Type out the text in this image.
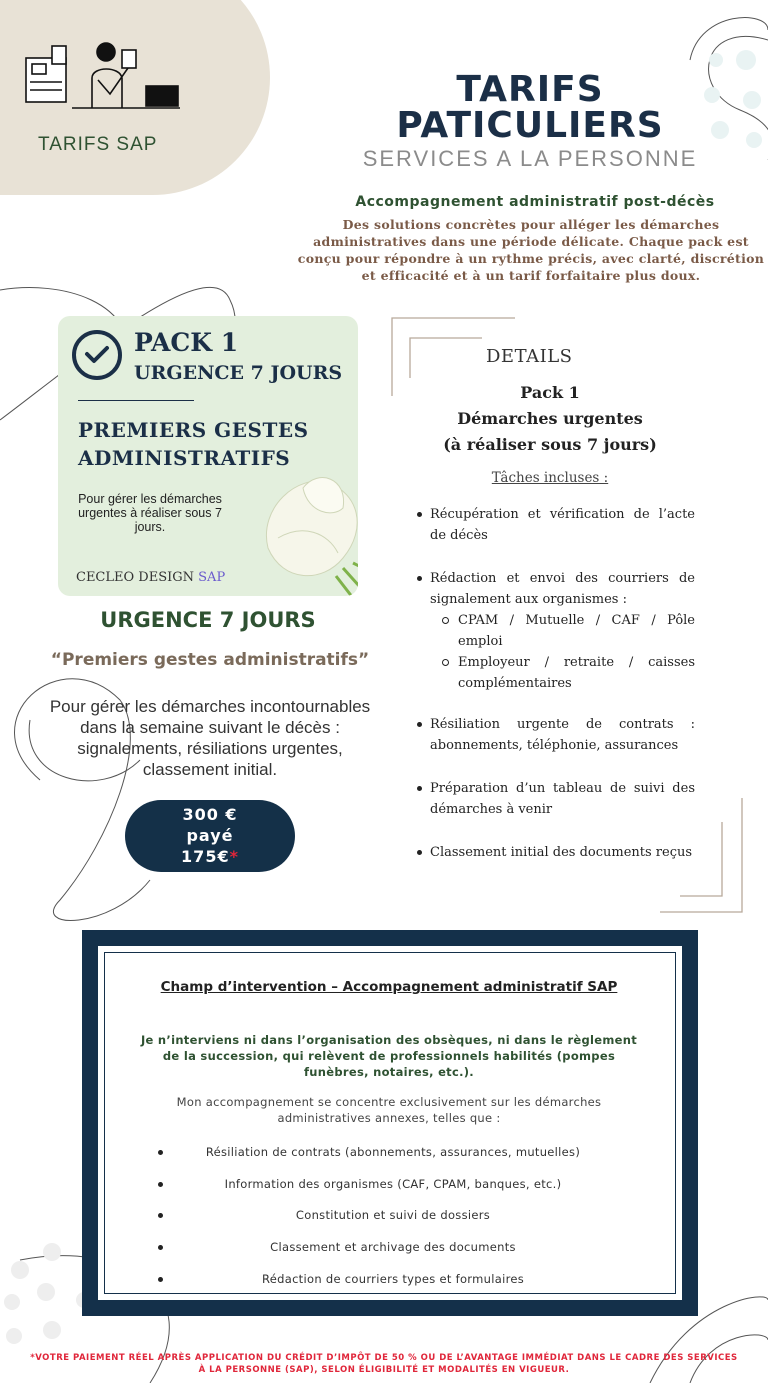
TARIFS SAP
TARIFS PATICULIERS
SERVICES A LA PERSONNE
Accompagnement administratif post-décès
Des solutions concrètes pour alléger les démarches administratives dans une période délicate. Chaque pack est conçu pour répondre à un rythme précis, avec clarté, discrétion et efficacité et à un tarif forfaitaire plus doux.
PACK 1
URGENCE 7 JOURS
PREMIERS GESTES ADMINISTRATIFS
Pour gérer les démarches urgentes à réaliser sous 7 jours.
CECLEO DESIGN SAP
URGENCE 7 JOURS
“Premiers gestes administratifs”
Pour gérer les démarches incontournables dans la semaine suivant le décès : signalements, résiliations urgentes, classement initial.
300 €
payé
175€*
DETAILS
Pack 1
Démarches urgentes
(à réaliser sous 7 jours)
Tâches incluses :
Récupération et vérification de l’acte de décès
Rédaction et envoi des courriers de signalement aux organismes :
CPAM / Mutuelle / CAF / Pôle emploi
Employeur / retraite / caisses complémentaires
Résiliation urgente de contrats : abonnements, téléphonie, assurances
Préparation d’un tableau de suivi des démarches à venir
Classement initial des documents reçus
Champ d’intervention – Accompagnement administratif SAP
Je n’interviens ni dans l’organisation des obsèques, ni dans le règlement de la succession, qui relèvent de professionnels habilités (pompes funèbres, notaires, etc.).
Mon accompagnement se concentre exclusivement sur les démarches administratives annexes, telles que :
Résiliation de contrats (abonnements, assurances, mutuelles)
Information des organismes (CAF, CPAM, banques, etc.)
Constitution et suivi de dossiers
Classement et archivage des documents
Rédaction de courriers types et formulaires
*VOTRE PAIEMENT RÉEL APRÈS APPLICATION DU CRÉDIT D’IMPÔT DE 50 % OU DE L’AVANTAGE IMMÉDIAT DANS LE CADRE DES SERVICES À LA PERSONNE (SAP), SELON ÉLIGIBILITÉ ET MODALITÉS EN VIGUEUR.
